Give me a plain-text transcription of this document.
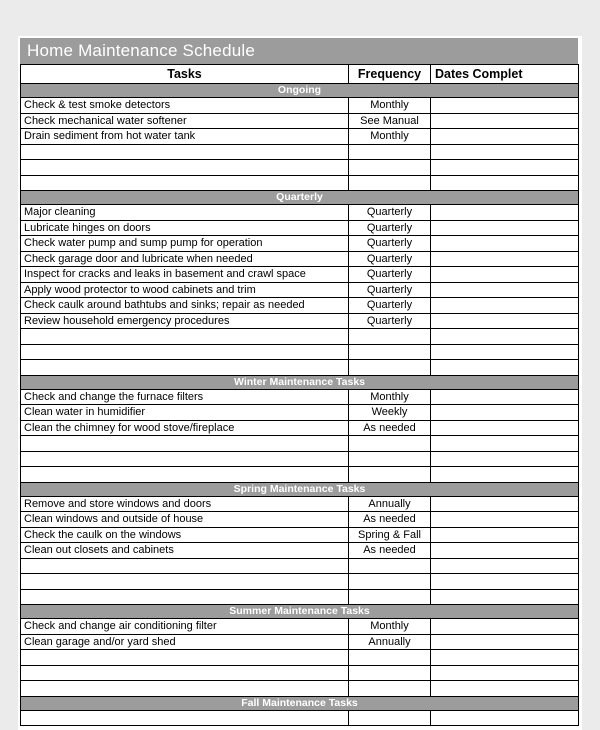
Home Maintenance Schedule
Tasks	Frequency	Dates Complet
Ongoing		
Check & test smoke detectors	Monthly	
Check mechanical water softener	See Manual	
Drain sediment from hot water tank	Monthly	

Quarterly		
Major cleaning	Quarterly	
Lubricate hinges on doors	Quarterly	
Check water pump and sump pump for operation	Quarterly	
Check garage door and lubricate when needed	Quarterly	
Inspect for cracks and leaks in basement and crawl space	Quarterly	
Apply wood protector to wood cabinets and trim	Quarterly	
Check caulk around bathtubs and sinks; repair as needed	Quarterly	
Review household emergency procedures	Quarterly	

Winter Maintenance Tasks		
Check and change the furnace filters	Monthly	
Clean water in humidifier	Weekly	
Clean the chimney for wood stove/fireplace	As needed	

Spring Maintenance Tasks		
Remove and store windows and doors	Annually	
Clean windows and outside of house	As needed	
Check the caulk on the windows	Spring & Fall	
Clean out closets and cabinets	As needed	

Summer Maintenance Tasks		
Check and change air conditioning filter	Monthly	
Clean garage and/or yard shed	Annually	

Fall Maintenance Tasks		
